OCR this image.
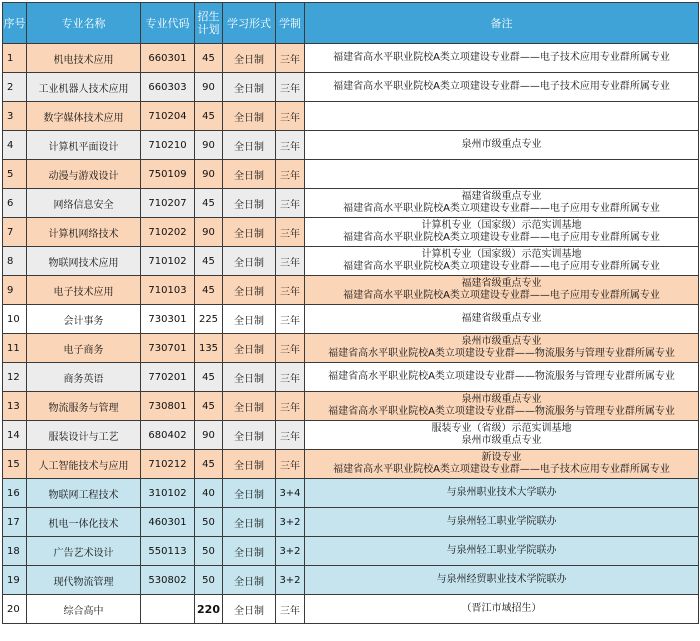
序号	专业名称	专业代码	招生
计划	学习形式	学制	备注
1	机电技术应用	660301	45	全日制	三年	福建省高水平职业院校A类立项建设专业群——电子技术应用专业群所属专业
2	工业机器人技术应用	660303	90	全日制	三年	福建省高水平职业院校A类立项建设专业群——电子技术应用专业群所属专业
3	数字媒体技术应用	710204	45	全日制	三年	
4	计算机平面设计	710210	90	全日制	三年	泉州市级重点专业
5	动漫与游戏设计	750109	90	全日制	三年	
6	网络信息安全	710207	45	全日制	三年	福建省级重点专业
福建省高水平职业院校A类立项建设专业群——电子应用专业群所属专业
7	计算机网络技术	710202	90	全日制	三年	计算机专业（国家级）示范实训基地
福建省高水平职业院校A类立项建设专业群——电子应用专业群所属专业
8	物联网技术应用	710102	45	全日制	三年	计算机专业（国家级）示范实训基地
福建省高水平职业院校A类立项建设专业群——电子应用专业群所属专业
9	电子技术应用	710103	45	全日制	三年	福建省级重点专业
福建省高水平职业院校A类立项建设专业群——电子应用专业群所属专业
10	会计事务	730301	225	全日制	三年	福建省级重点专业
11	电子商务	730701	135	全日制	三年	泉州市级重点专业
福建省高水平职业院校A类立项建设专业群——物流服务与管理专业群所属专业
12	商务英语	770201	45	全日制	三年	福建省高水平职业院校A类立项建设专业群——物流服务与管理专业群所属专业
13	物流服务与管理	730801	45	全日制	三年	泉州市级重点专业
福建省高水平职业院校A类立项建设专业群——物流服务与管理专业群所属专业
14	服装设计与工艺	680402	90	全日制	三年	服装专业（省级）示范实训基地
泉州市级重点专业
15	人工智能技术与应用	710212	45	全日制	三年	新设专业
福建省高水平职业院校A类立项建设专业群——电子技术应用专业群所属专业
16	物联网工程技术	310102	40	全日制	3+4	与泉州职业技术大学联办
17	机电一体化技术	460301	50	全日制	3+2	与泉州轻工职业学院联办
18	广告艺术设计	550113	50	全日制	3+2	与泉州轻工职业学院联办
19	现代物流管理	530802	50	全日制	3+2	与泉州经贸职业技术学院联办
20	综合高中		220	全日制	三年	（晋江市域招生）
